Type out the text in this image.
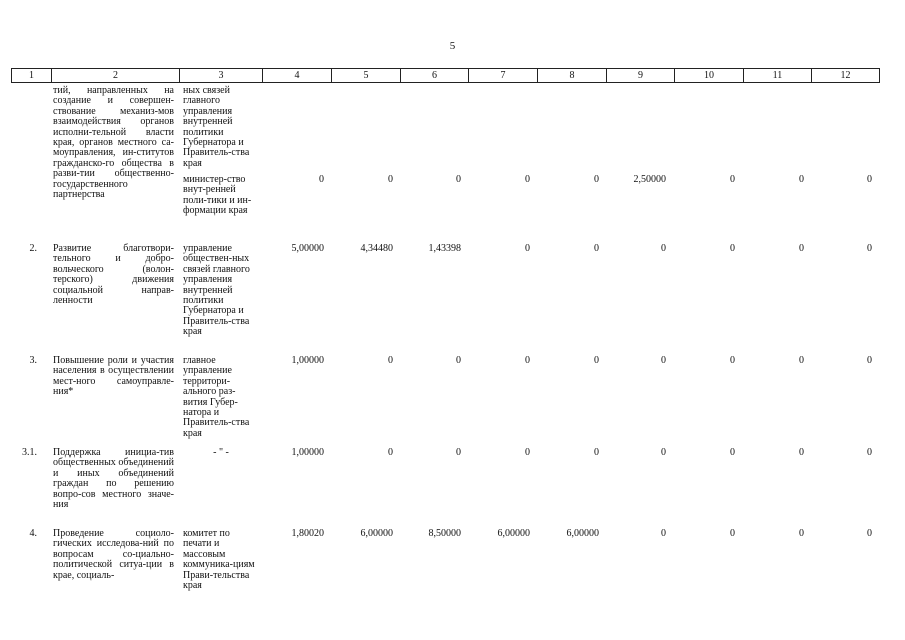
5
1	2	3	4	5	6	7	8	9	10	11	12
тий, направленных на создание и совершен-ствование механиз-мов взаимодействия органов исполни-тельной власти края, органов местного са-моуправления, ин-ститутов гражданско-го общества в разви-тии общественно-государственного партнерства
ных связей главного управления внутренней политики Губернатора и Правитель-ства края
министер-ство внут-ренней поли-тики и ин-формации края
0	0	0	0	0	2,50000	0	0	0
2. Развитие благотвори-тельного и добро-вольческого (волон-терского) движения социальной направ-ленности
управление обществен-ных связей главного управления внутренней политики Губернатора и Правитель-ства края
5,00000	4,34480	1,43398	0	0	0	0	0	0
3. Повышение роли и участия населения в осуществлении мест-ного самоуправле-ния*
главное управление территори-ального раз-вития Губер-натора и Правитель-ства края
1,00000	0	0	0	0	0	0	0	0
3.1. Поддержка инициа-тив общественных объединений и иных объединений граждан по решению вопро-сов местного значе-ния
- " -	1,00000	0	0	0	0	0	0	0	0
4. Проведение социоло-гических исследова-ний по вопросам со-циально-политической ситуа-ции в крае, социаль-
комитет по печати и массовым коммуника-циям Прави-тельства края
1,80020	6,00000	8,50000	6,00000	6,00000	0	0	0	0
